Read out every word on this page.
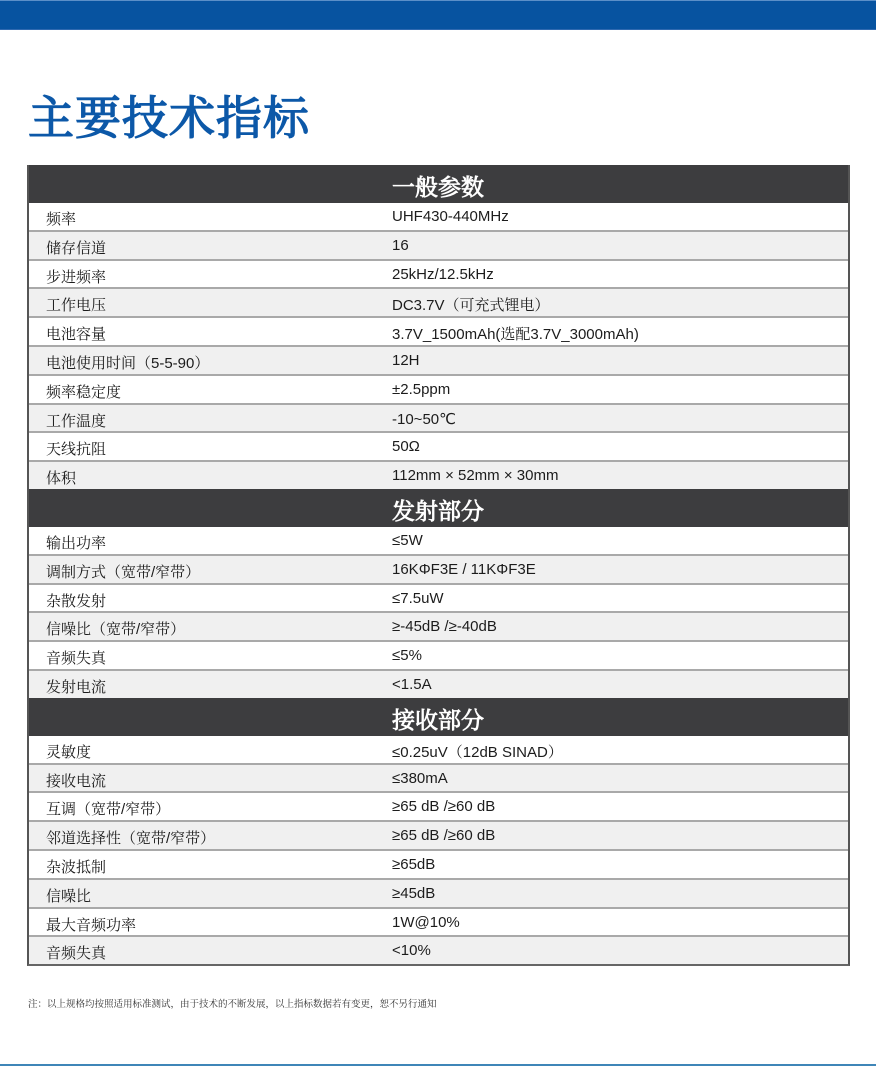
主要技术指标
一般参数
频率	UHF430-440MHz
储存信道	16
步进频率	25kHz/12.5kHz
工作电压	DC3.7V（可充式锂电）
电池容量	3.7V_1500mAh(选配3.7V_3000mAh)
电池使用时间（5-5-90）	12H
频率稳定度	±2.5ppm
工作温度	-10~50℃
天线抗阻	50Ω
体积	112mm × 52mm × 30mm
发射部分
输出功率	≤5W
调制方式（宽带/窄带）	16KΦF3E / 11KΦF3E
杂散发射	≤7.5uW
信噪比（宽带/窄带）	≥-45dB /≥-40dB
音频失真	≤5%
发射电流	<1.5A
接收部分
灵敏度	≤0.25uV（12dB SINAD）
接收电流	≤380mA
互调（宽带/窄带）	≥65 dB /≥60 dB
邻道选择性（宽带/窄带）	≥65 dB /≥60 dB
杂波抵制	≥65dB
信噪比	≥45dB
最大音频功率	1W@10%
音频失真	<10%
注：以上规格均按照适用标准测试，由于技术的不断发展，以上指标数据若有变更，恕不另行通知
